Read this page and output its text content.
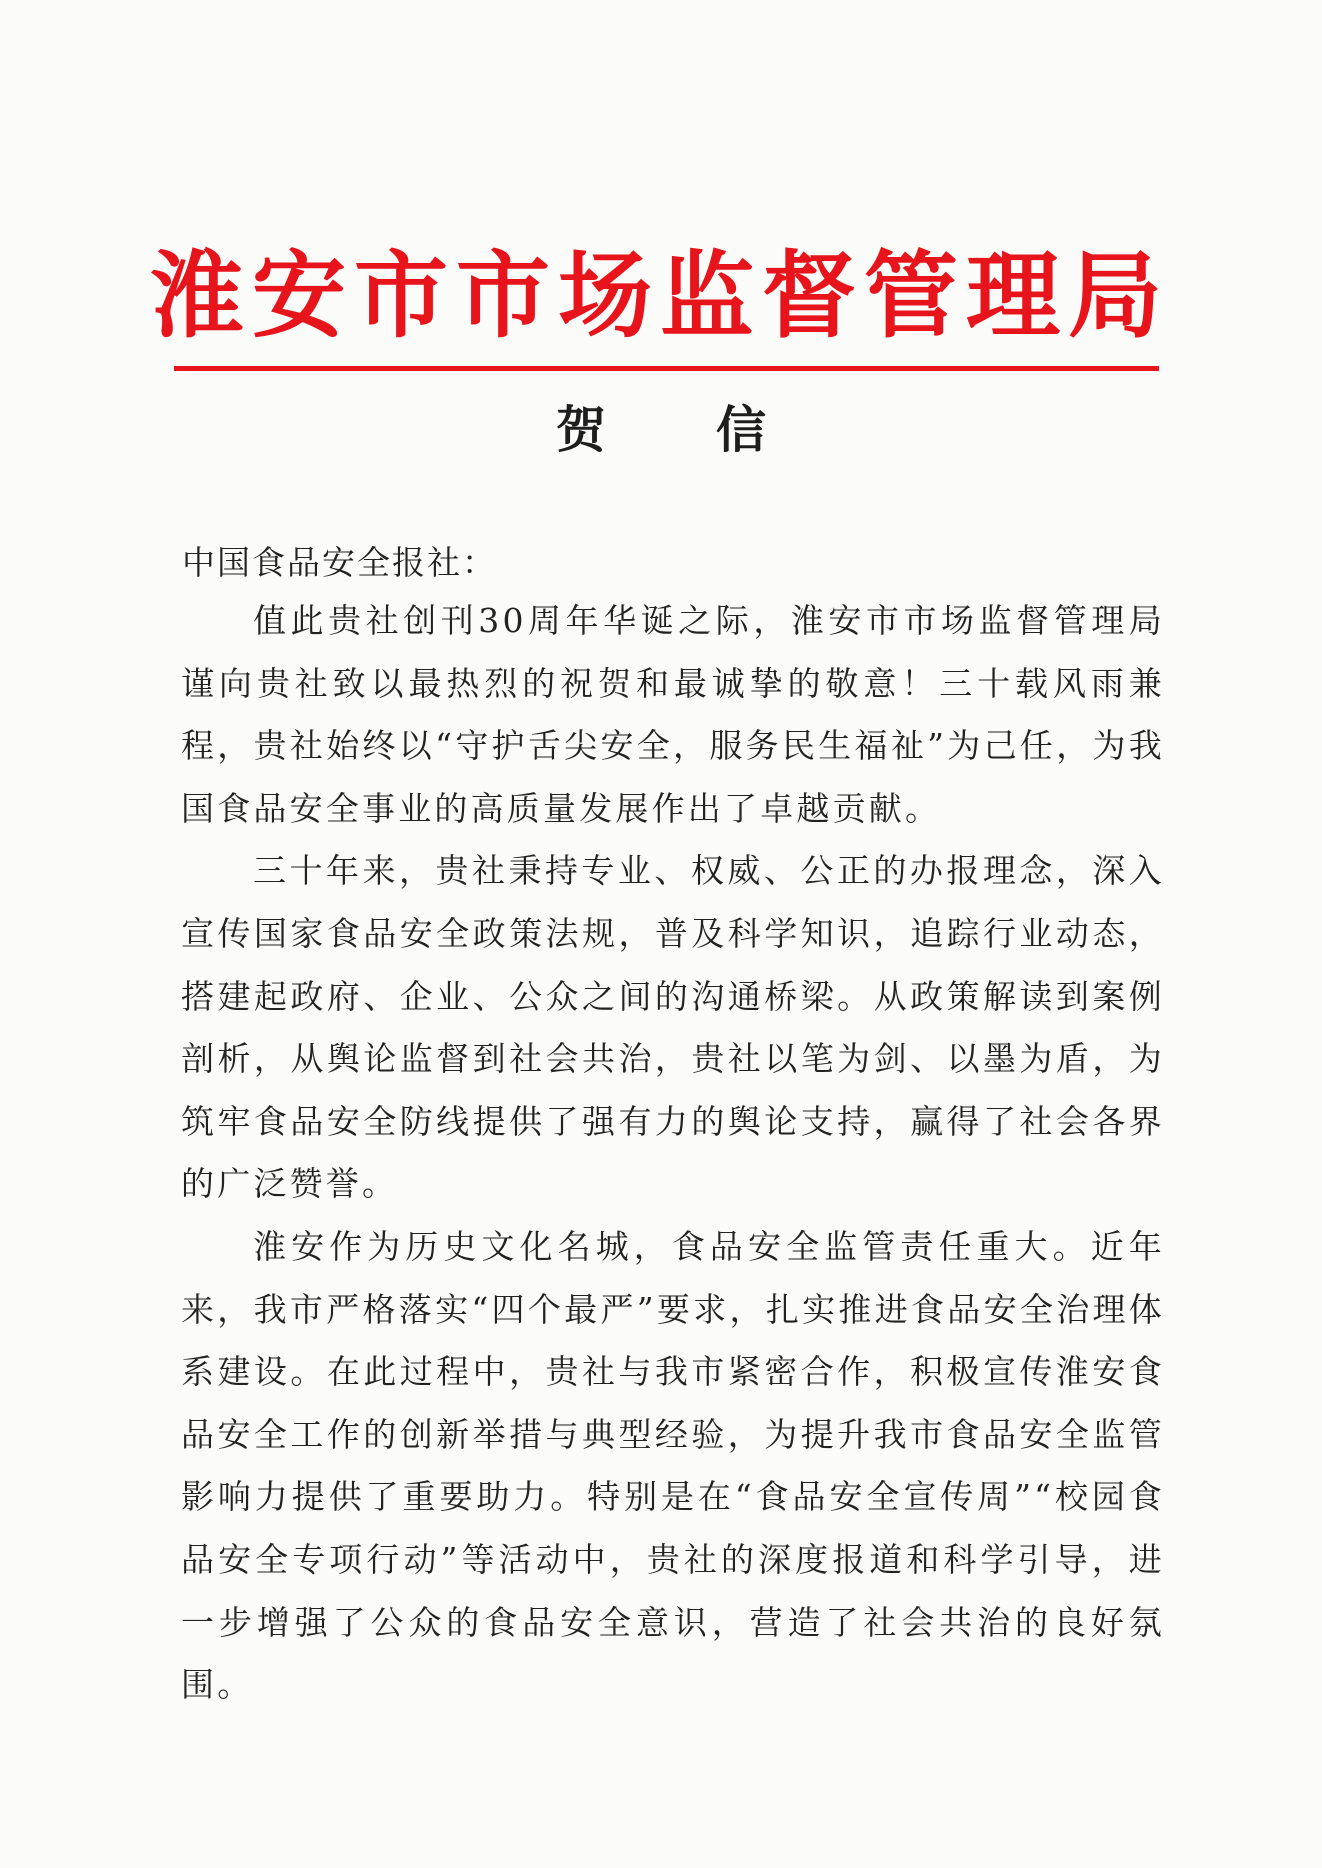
淮安市市场监督管理局
贺　信

中国食品安全报社：

值此贵社创刊30周年华诞之际，淮安市市场监督管理局谨向贵社致以最热烈的祝贺和最诚挚的敬意！三十载风雨兼程，贵社始终以“守护舌尖安全，服务民生福祉”为己任，为我国食品安全事业的高质量发展作出了卓越贡献。

三十年来，贵社秉持专业、权威、公正的办报理念，深入宣传国家食品安全政策法规，普及科学知识，追踪行业动态，搭建起政府、企业、公众之间的沟通桥梁。从政策解读到案例剖析，从舆论监督到社会共治，贵社以笔为剑、以墨为盾，为筑牢食品安全防线提供了强有力的舆论支持，赢得了社会各界的广泛赞誉。

淮安作为历史文化名城，食品安全监管责任重大。近年来，我市严格落实“四个最严”要求，扎实推进食品安全治理体系建设。在此过程中，贵社与我市紧密合作，积极宣传淮安食品安全工作的创新举措与典型经验，为提升我市食品安全监管影响力提供了重要助力。特别是在“食品安全宣传周”“校园食品安全专项行动”等活动中，贵社的深度报道和科学引导，进一步增强了公众的食品安全意识，营造了社会共治的良好氛围。
